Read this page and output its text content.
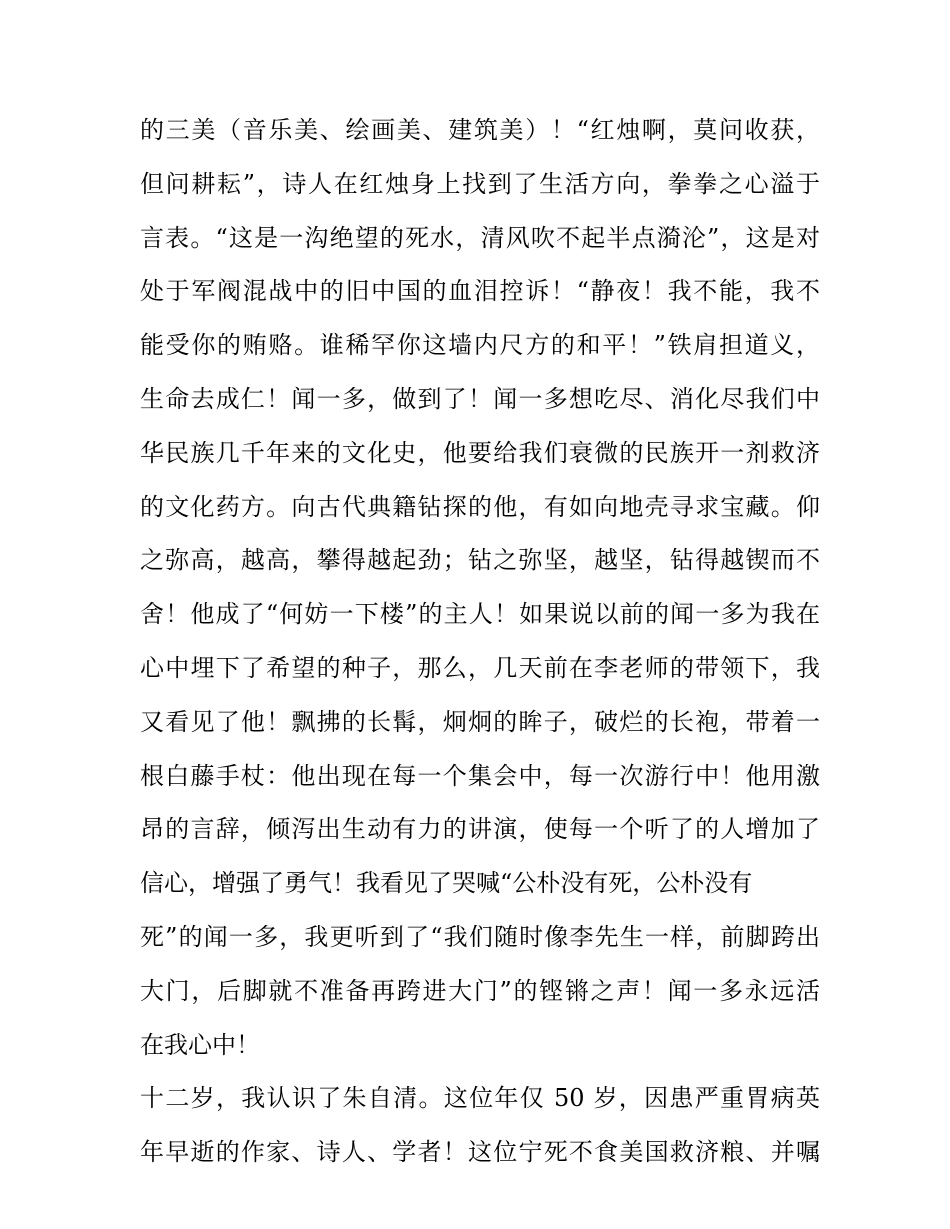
的三美（音乐美、绘画美、建筑美）！“红烛啊，莫问收获，
但问耕耘”，诗人在红烛身上找到了生活方向，拳拳之心溢于
言表。“这是一沟绝望的死水，清风吹不起半点漪沦”，这是对
处于军阀混战中的旧中国的血泪控诉！“静夜！我不能，我不
能受你的贿赂。谁稀罕你这墙内尺方的和平！”铁肩担道义，
生命去成仁！闻一多，做到了！闻一多想吃尽、消化尽我们中
华民族几千年来的文化史，他要给我们衰微的民族开一剂救济
的文化药方。向古代典籍钻探的他，有如向地壳寻求宝藏。仰
之弥高，越高，攀得越起劲；钻之弥坚，越坚，钻得越锲而不
舍！他成了“何妨一下楼”的主人！如果说以前的闻一多为我在
心中埋下了希望的种子，那么，几天前在李老师的带领下，我
又看见了他！飘拂的长髯，炯炯的眸子，破烂的长袍，带着一
根白藤手杖：他出现在每一个集会中，每一次游行中！他用激
昂的言辞，倾泻出生动有力的讲演，使每一个听了的人增加了
信心，增强了勇气！我看见了哭喊“公朴没有死，公朴没有
死”的闻一多，我更听到了“我们随时像李先生一样，前脚跨出
大门，后脚就不准备再跨进大门”的铿锵之声！闻一多永远活
在我心中！
十二岁，我认识了朱自清。这位年仅 50 岁，因患严重胃病英
年早逝的作家、诗人、学者！这位宁死不食美国救济粮、并嘱
